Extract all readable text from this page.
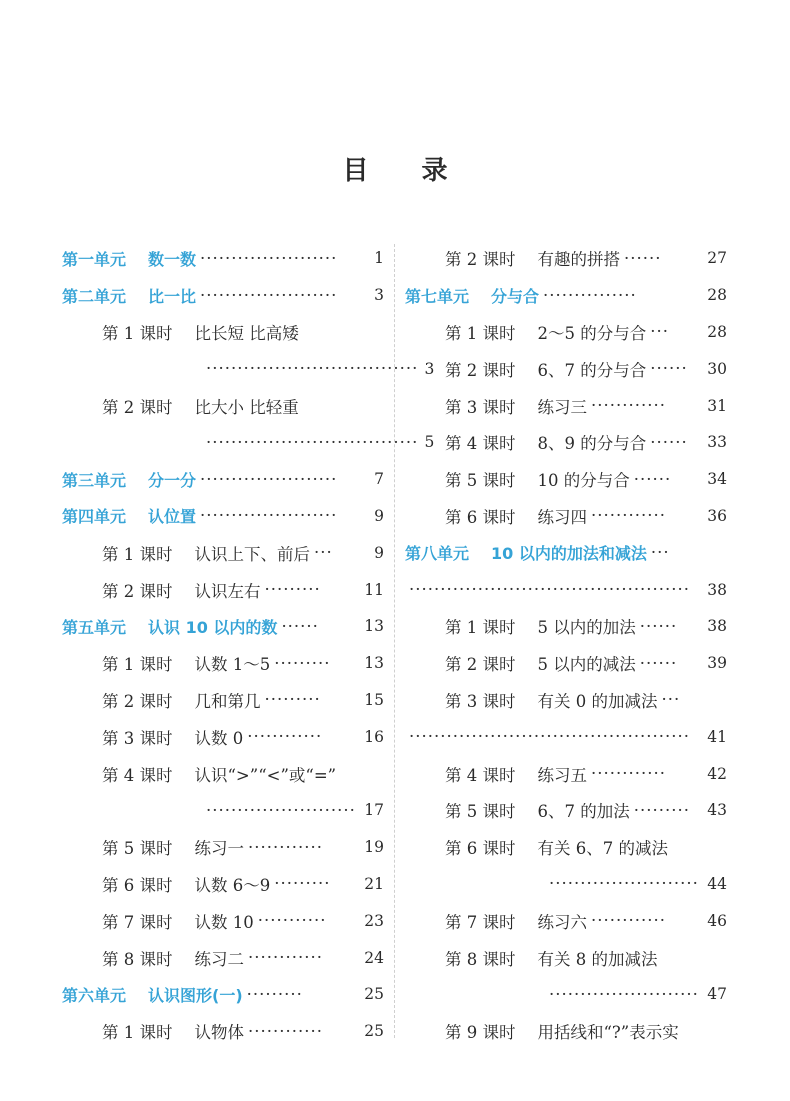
目 录
第一单元 数一数 ······················	1
第二单元 比一比 ······················	3
第 1 课时 比长短 比高矮
·································· 3
第 2 课时 比大小 比轻重
·································· 5
第三单元 分一分 ······················	7
第四单元 认位置 ······················	9
第 1 课时 认识上下、前后 ···	9
第 2 课时 认识左右 ·········	11
第五单元 认识 10 以内的数 ······	13
第 1 课时 认数 1～5 ·········	13
第 2 课时 几和第几 ·········	15
第 3 课时 认数 0 ············	16
第 4 课时 认识“>”“<”或“=”
························ 17
第 5 课时 练习一 ············	19
第 6 课时 认数 6～9 ·········	21
第 7 课时 认数 10 ···········	23
第 8 课时 练习二 ············	24
第六单元 认识图形(一) ·········	25
第 1 课时 认物体 ············	25
第 2 课时 有趣的拼搭 ······	27
第七单元 分与合 ···············	28
第 1 课时 2～5 的分与合 ···	28
第 2 课时 6、7 的分与合 ······	30
第 3 课时 练习三 ············	31
第 4 课时 8、9 的分与合 ······	33
第 5 课时 10 的分与合 ······	34
第 6 课时 练习四 ············	36
第八单元 10 以内的加法和减法 ···
·············································	38
第 1 课时 5 以内的加法 ······	38
第 2 课时 5 以内的减法 ······	39
第 3 课时 有关 0 的加减法 ···
·············································	41
第 4 课时 练习五 ············	42
第 5 课时 6、7 的加法 ·········	43
第 6 课时 有关 6、7 的减法
························ 44
第 7 课时 练习六 ············	46
第 8 课时 有关 8 的加减法
························ 47
第 9 课时 用括线和“?”表示实
